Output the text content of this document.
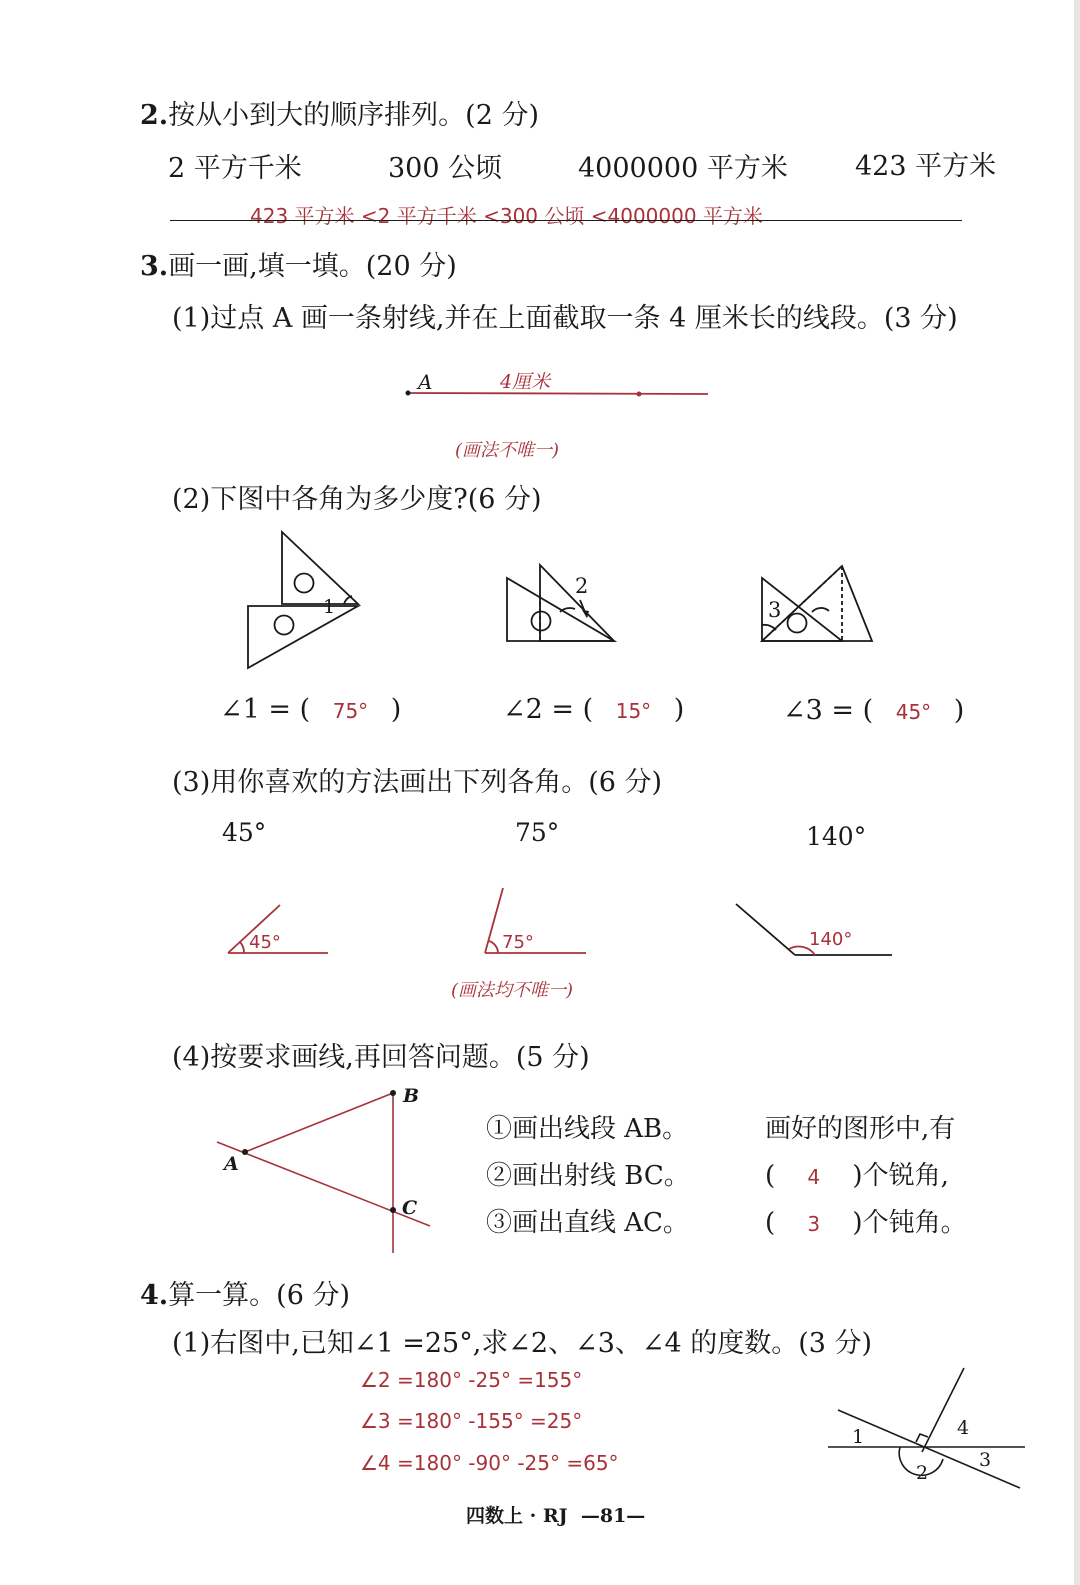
2.按从小到大的顺序排列。(2 分)
2 平方千米	300 公顷	4000000 平方米 423 平方米
423 平方米 <2 平方千米 <300 公顷 <4000000 平方米
3.画一画,填一填。(20 分)
(1)过点 A 画一条射线,并在上面截取一条 4 厘米长的线段。(3 分)
A	4厘米
(画法不唯一)
(2)下图中各角为多少度?(6 分)
1
2
3
∠1 = ( 75° )	∠2 = ( 15° )	∠3 = ( 45° )
(3)用你喜欢的方法画出下列各角。(6 分)
45°	75°	140°
45°	75°	140°
(画法均不唯一)
(4)按要求画线,再回答问题。(5 分)
A
B
C
①画出线段 AB。
②画出射线 BC。
③画出直线 AC。
画好的图形中,有
( 4 )个锐角,
( 3 )个钝角。
4.算一算。(6 分)
(1)右图中,已知∠1 =25°,求∠2、∠3、∠4 的度数。(3 分)
∠2 =180° -25° =155°
∠3 =180° -155° =25°
∠4 =180° -90° -25° =65°
1
2
3
4
四数上 · RJ  —81—
